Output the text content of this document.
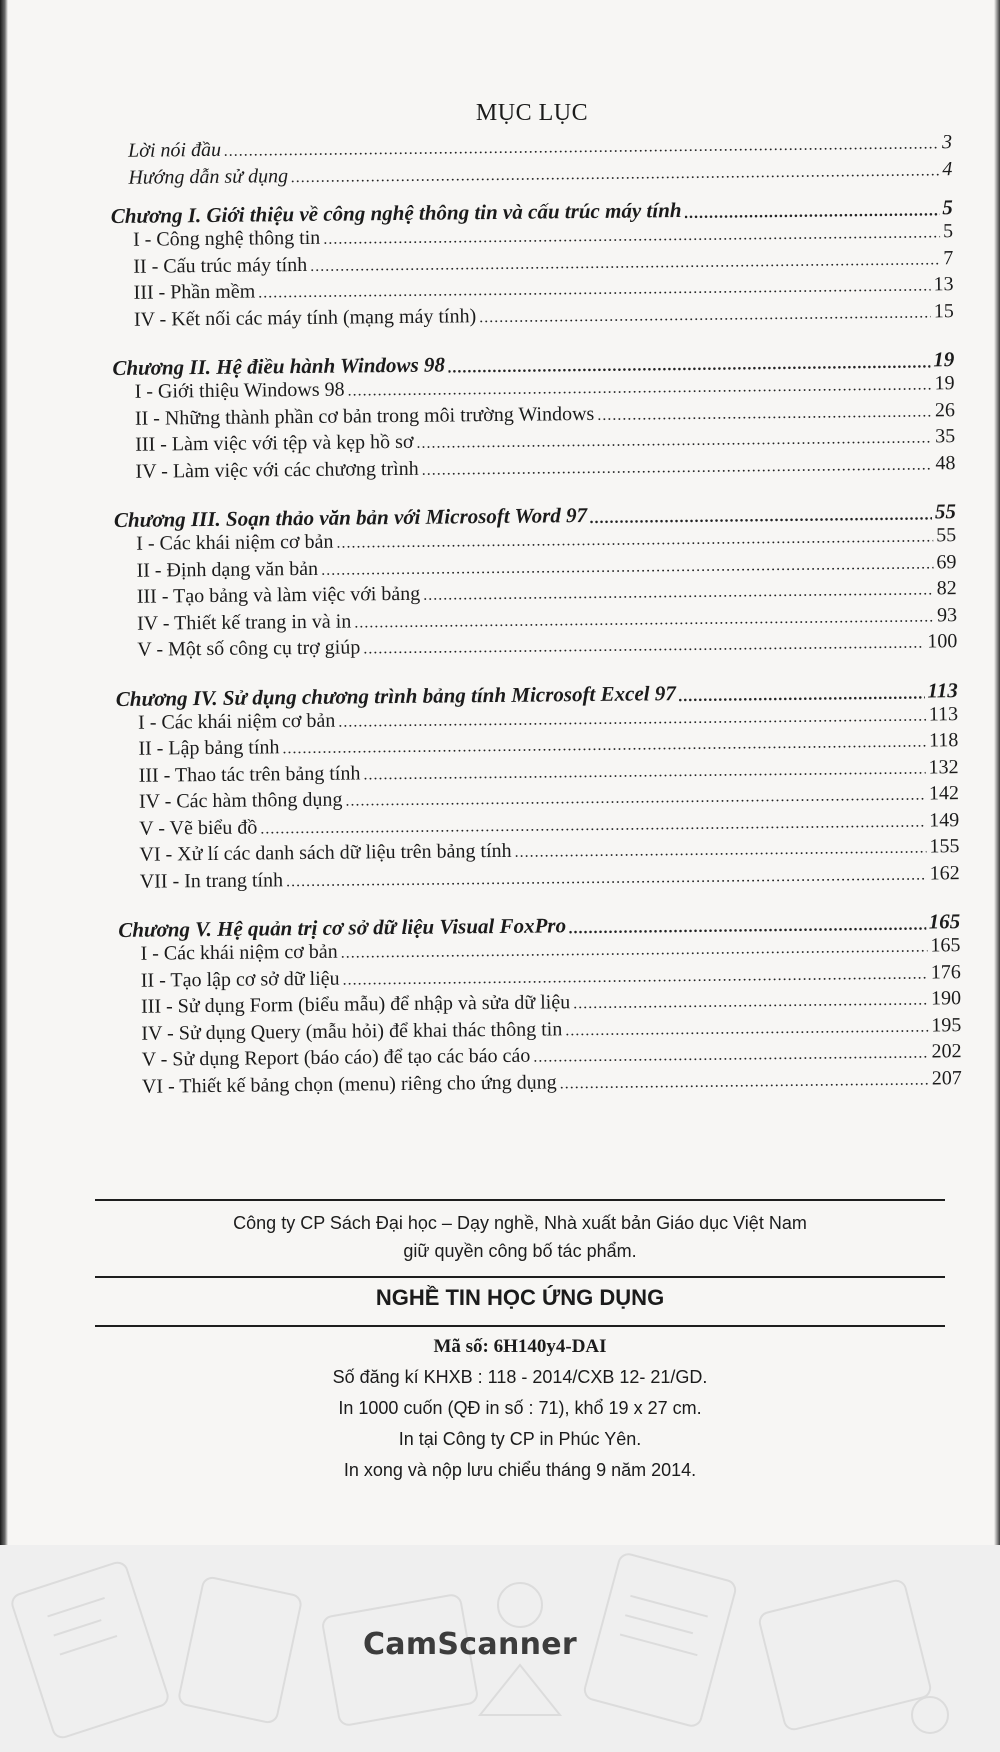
MỤC LỤC
Lời nói đầu .....	3
Hướng dẫn sử dụng .....	4
Chương I. Giới thiệu về công nghệ thông tin và cấu trúc máy tính .....	5
I - Công nghệ thông tin .....	5
II - Cấu trúc máy tính .....	7
III - Phần mềm .....	13
IV - Kết nối các máy tính (mạng máy tính) .....	15
Chương II. Hệ điều hành Windows 98 .....	19
I - Giới thiệu Windows 98 .....	19
II - Những thành phần cơ bản trong môi trường Windows .....	26
III - Làm việc với tệp và kẹp hồ sơ .....	35
IV - Làm việc với các chương trình .....	48
Chương III. Soạn thảo văn bản với Microsoft Word 97 .....	55
I - Các khái niệm cơ bản .....	55
II - Định dạng văn bản .....	69
III - Tạo bảng và làm việc với bảng .....	82
IV - Thiết kế trang in và in .....	93
V - Một số công cụ trợ giúp .....	100
Chương IV. Sử dụng chương trình bảng tính Microsoft Excel 97 .....	113
I - Các khái niệm cơ bản .....	113
II - Lập bảng tính .....	118
III - Thao tác trên bảng tính .....	132
IV - Các hàm thông dụng .....	142
V - Vẽ biểu đồ .....	149
VI - Xử lí các danh sách dữ liệu trên bảng tính .....	155
VII - In trang tính .....	162
Chương V. Hệ quản trị cơ sở dữ liệu Visual FoxPro .....	165
I - Các khái niệm cơ bản .....	165
II - Tạo lập cơ sở dữ liệu .....	176
III - Sử dụng Form (biểu mẫu) để nhập và sửa dữ liệu .....	190
IV - Sử dụng Query (mẫu hỏi) để khai thác thông tin .....	195
V - Sử dụng Report (báo cáo) để tạo các báo cáo .....	202
VI - Thiết kế bảng chọn (menu) riêng cho ứng dụng .....	207
Công ty CP Sách Đại học – Dạy nghề, Nhà xuất bản Giáo dục Việt Nam
giữ quyền công bố tác phẩm.
NGHỀ TIN HỌC ỨNG DỤNG
Mã số: 6H140y4-DAI
Số đăng kí KHXB : 118 - 2014/CXB 12- 21/GD.
In 1000 cuốn (QĐ in số : 71), khổ 19 x 27 cm.
In tại Công ty CP in Phúc Yên.
In xong và nộp lưu chiểu tháng 9 năm 2014.
CamScanner
